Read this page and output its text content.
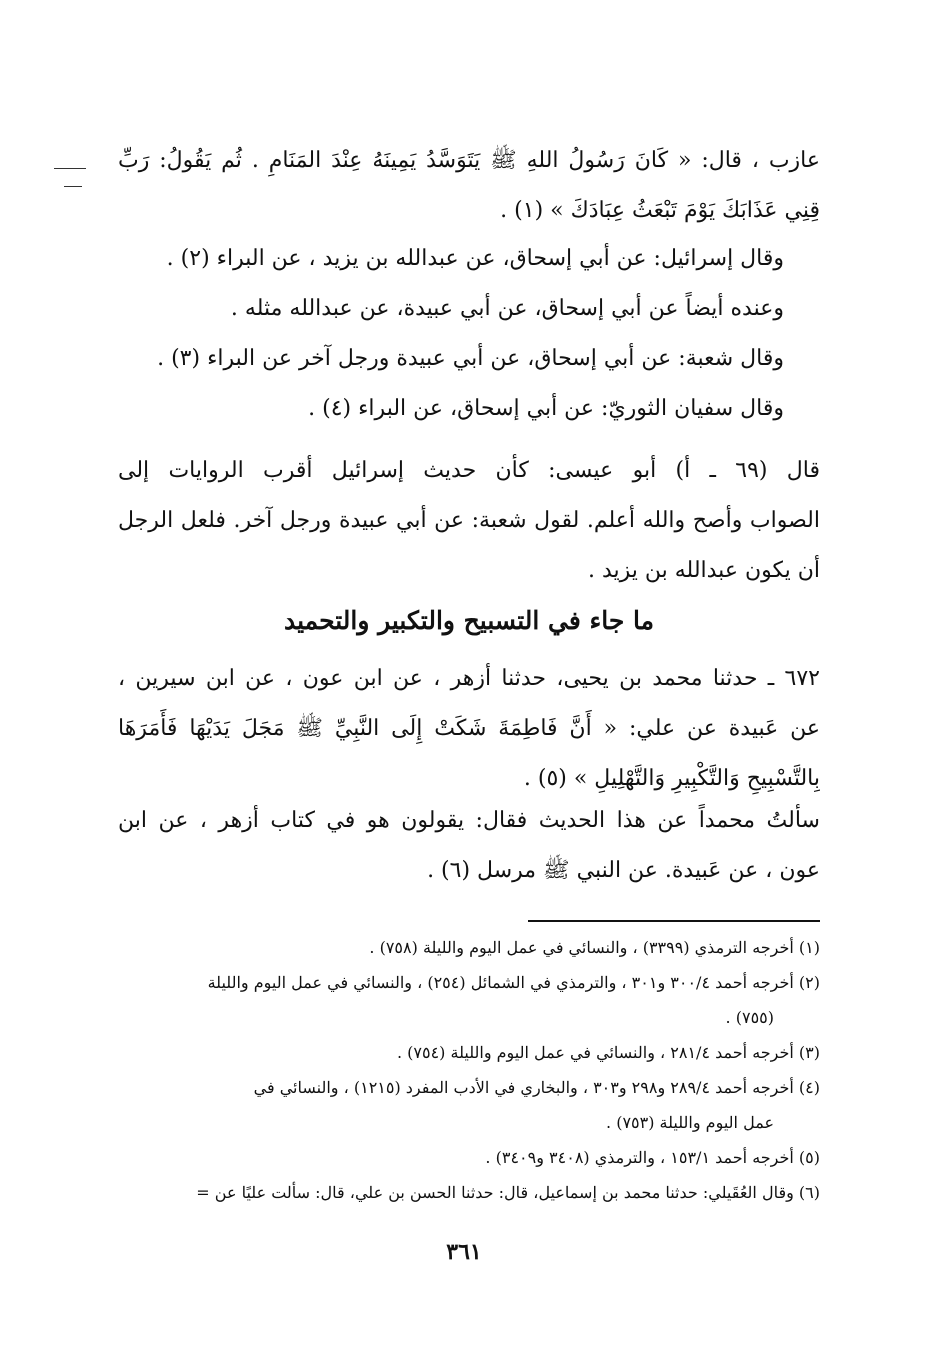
عازب ، قال: « كَانَ رَسُولُ اللهِ ﷺ يَتَوَسَّدُ يَمِينَهُ عِنْدَ المَنَامِ . ثُم يَقُولُ: رَبِّ
قِنِي عَذَابَكَ يَوْمَ تَبْعَثُ عِبَادَكَ » (١) .
وقال إسرائيل: عن أبي إسحاق، عن عبدالله بن يزيد ، عن البراء (٢) .
وعنده أيضاً عن أبي إسحاق، عن أبي عبيدة، عن عبدالله مثله .
وقال شعبة: عن أبي إسحاق، عن أبي عبيدة ورجل آخر عن البراء (٣) .
وقال سفيان الثوريّ: عن أبي إسحاق، عن البراء (٤) .
قال (٦٩ ـ أ) أبو عيسى: كأن حديث إسرائيل أقرب الروايات إلى
الصواب وأصح والله أعلم. لقول شعبة: عن أبي عبيدة ورجل آخر. فلعل الرجل
أن يكون عبدالله بن يزيد .
ما جاء في التسبيح والتكبير والتحميد
٦٧٢ ـ حدثنا محمد بن يحيى، حدثنا أزهر ، عن ابن عون ، عن ابن سيرين ،
عن عَبيدة عن علي: « أَنَّ فَاطِمَةَ شَكَتْ إِلَى النَّبِيِّ ﷺ مَجَلَ يَدَيْهَا فَأَمَرَهَا
بِالتَّسْبِيحِ وَالتَّكْبِيرِ وَالتَّهْلِيلِ » (٥) .
سألتُ محمداً عن هذا الحديث فقال: يقولون هو في كتاب أزهر ، عن ابن
عون ، عن عَبيدة. عن النبي ﷺ مرسل (٦) .
(١) أخرجه الترمذي (٣٣٩٩) ، والنسائي في عمل اليوم والليلة (٧٥٨) .
(٢) أخرجه أحمد ٣٠٠/٤ و٣٠١ ، والترمذي في الشمائل (٢٥٤) ، والنسائي في عمل اليوم والليلة
(٧٥٥) .
(٣) أخرجه أحمد ٢٨١/٤ ، والنسائي في عمل اليوم والليلة (٧٥٤) .
(٤) أخرجه أحمد ٢٨٩/٤ و٢٩٨ و٣٠٣ ، والبخاري في الأدب المفرد (١٢١٥) ، والنسائي في
عمل اليوم والليلة (٧٥٣) .
(٥) أخرجه أحمد ١٥٣/١ ، والترمذي (٣٤٠٨ و٣٤٠٩) .
(٦) وقال العُقَيلي: حدثنا محمد بن إسماعيل، قال: حدثنا الحسن بن علي، قال: سألت عليًا عن =
٣٦١
